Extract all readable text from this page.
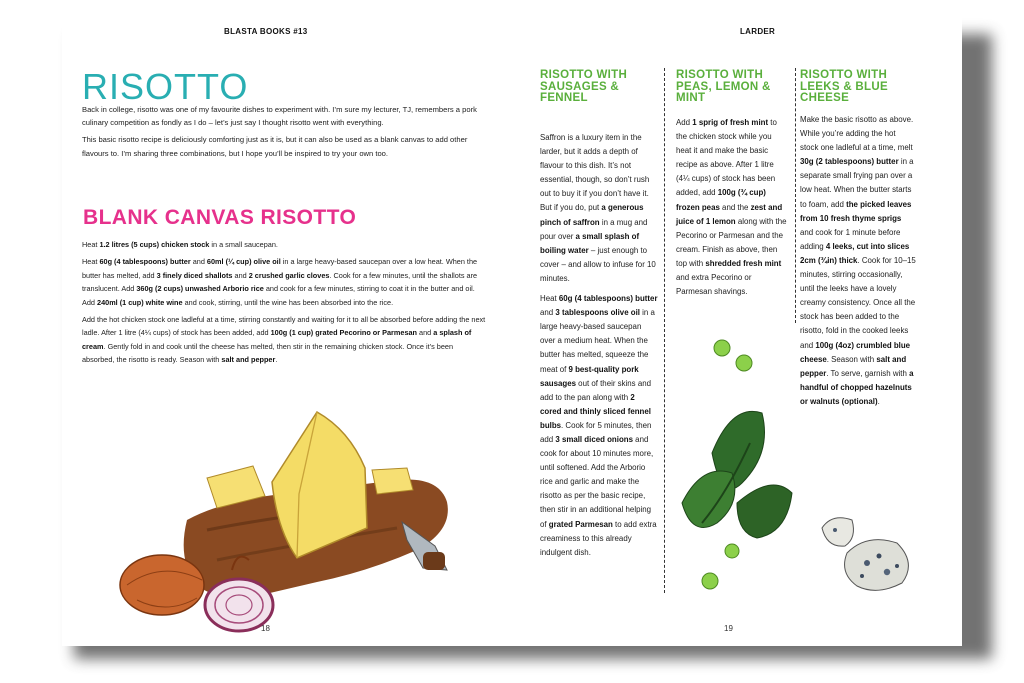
BLASTA BOOKS #13
RISOTTO

Back in college, risotto was one of my favourite dishes to experiment with. I’m sure my lecturer, TJ, remembers a pork culinary competition as fondly as I do – let’s just say I thought risotto went with everything.

This basic risotto recipe is deliciously comforting just as it is, but it can also be used as a blank canvas to add other flavours to. I’m sharing three combinations, but I hope you’ll be inspired to try your own too.

BLANK CANVAS RISOTTO

Heat 1.2 litres (5 cups) chicken stock in a small saucepan.

Heat 60g (4 tablespoons) butter and 60ml (¼ cup) olive oil in a large heavy-based saucepan over a low heat. When the butter has melted, add 3 finely diced shallots and 2 crushed garlic cloves. Cook for a few minutes, until the shallots are translucent. Add 360g (2 cups) unwashed Arborio rice and cook for a few minutes, stirring to coat it in the butter and oil. Add 240ml (1 cup) white wine and cook, stirring, until the wine has been absorbed into the rice.

Add the hot chicken stock one ladleful at a time, stirring constantly and waiting for it to all be absorbed before adding the next ladle. After 1 litre (4¼ cups) of stock has been added, add 100g (1 cup) grated Pecorino or Parmesan and a splash of cream. Gently fold in and cook until the cheese has melted, then stir in the remaining chicken stock. Once it’s been absorbed, the risotto is ready. Season with salt and pepper.

18
LARDER
RISOTTO WITH SAUSAGES & FENNEL

Saffron is a luxury item in the larder, but it adds a depth of flavour to this dish. It’s not essential, though, so don’t rush out to buy it if you don’t have it. But if you do, put a generous pinch of saffron in a mug and pour over a small splash of boiling water – just enough to cover – and allow to infuse for 10 minutes.

Heat 60g (4 tablespoons) butter and 3 tablespoons olive oil in a large heavy-based saucepan over a medium heat. When the butter has melted, squeeze the meat of 9 best-quality pork sausages out of their skins and add to the pan along with 2 cored and thinly sliced fennel bulbs. Cook for 5 minutes, then add 3 small diced onions and cook for about 10 minutes more, until softened. Add the Arborio rice and garlic and make the risotto as per the basic recipe, then stir in an additional helping of grated Parmesan to add extra creaminess to this already indulgent dish.

RISOTTO WITH PEAS, LEMON & MINT

Add 1 sprig of fresh mint to the chicken stock while you heat it and make the basic recipe as above. After 1 litre (4¼ cups) of stock has been added, add 100g (¾ cup) frozen peas and the zest and juice of 1 lemon along with the Pecorino or Parmesan and the cream. Finish as above, then top with shredded fresh mint and extra Pecorino or Parmesan shavings.

RISOTTO WITH LEEKS & BLUE CHEESE

Make the basic risotto as above. While you’re adding the hot stock one ladleful at a time, melt 30g (2 tablespoons) butter in a separate small frying pan over a low heat. When the butter starts to foam, add the picked leaves from 10 fresh thyme sprigs and cook for 1 minute before adding 4 leeks, cut into slices 2cm (¾in) thick. Cook for 10–15 minutes, stirring occasionally, until the leeks have a lovely creamy consistency. Once all the stock has been added to the risotto, fold in the cooked leeks and 100g (4oz) crumbled blue cheese. Season with salt and pepper. To serve, garnish with a handful of chopped hazelnuts or walnuts (optional).

19
